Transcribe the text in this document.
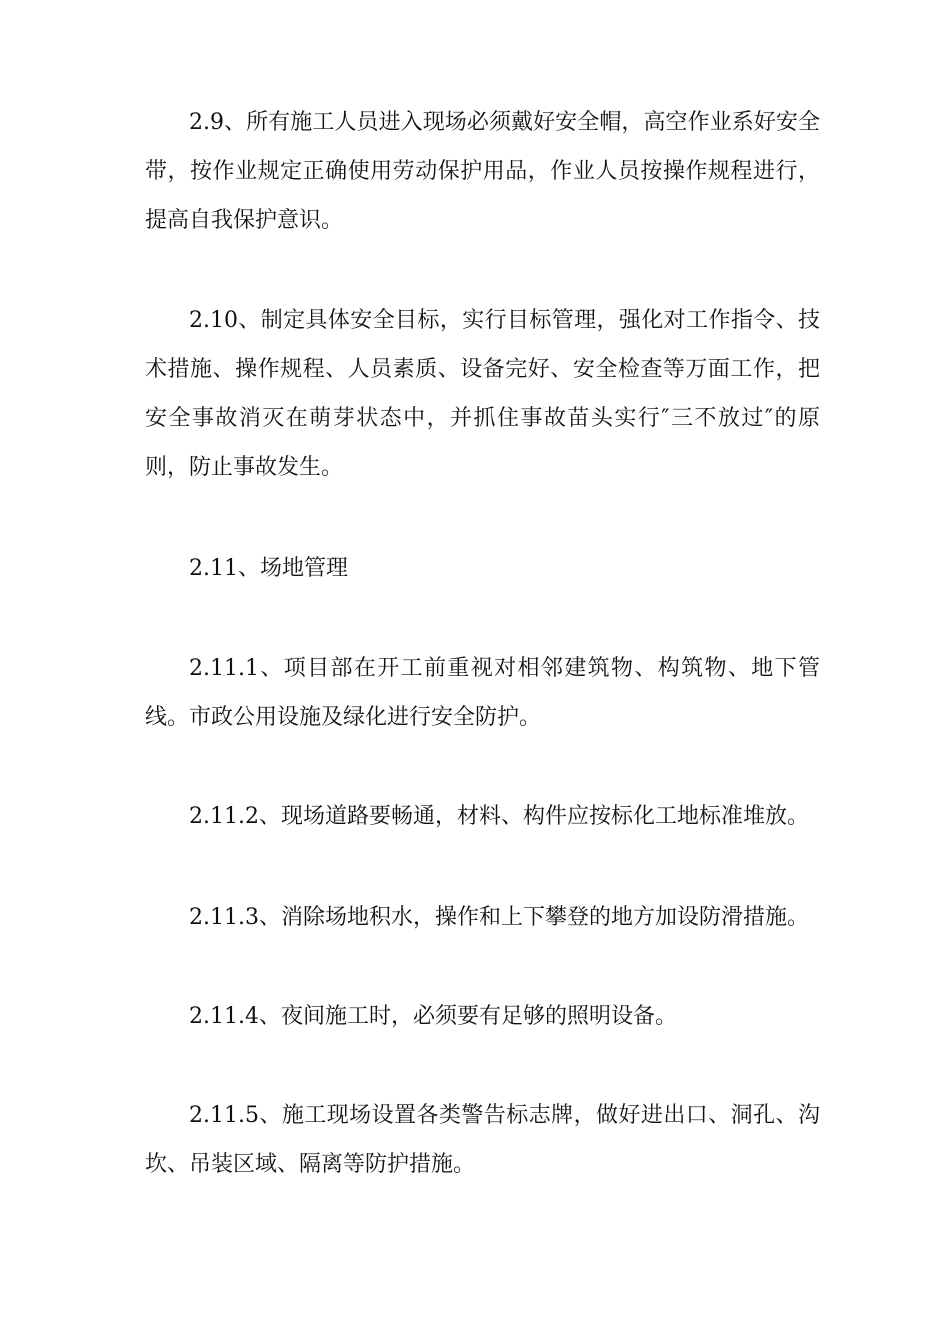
2.9、所有施工人员进入现场必须戴好安全帽，高空作业系好安全带，按作业规定正确使用劳动保护用品，作业人员按操作规程进行，提高自我保护意识。

2.10、制定具体安全目标，实行目标管理，强化对工作指令、技术措施、操作规程、人员素质、设备完好、安全检查等万面工作，把安全事故消灭在萌芽状态中，并抓住事故苗头实行″三不放过″的原则，防止事故发生。

2.11、场地管理

2.11.1、项目部在开工前重视对相邻建筑物、构筑物、地下管线。市政公用设施及绿化进行安全防护。

2.11.2、现场道路要畅通，材料、构件应按标化工地标准堆放。

2.11.3、消除场地积水，操作和上下攀登的地方加设防滑措施。

2.11.4、夜间施工时，必须要有足够的照明设备。

2.11.5、施工现场设置各类警告标志牌，做好进出口、洞孔、沟坎、吊装区域、隔离等防护措施。
